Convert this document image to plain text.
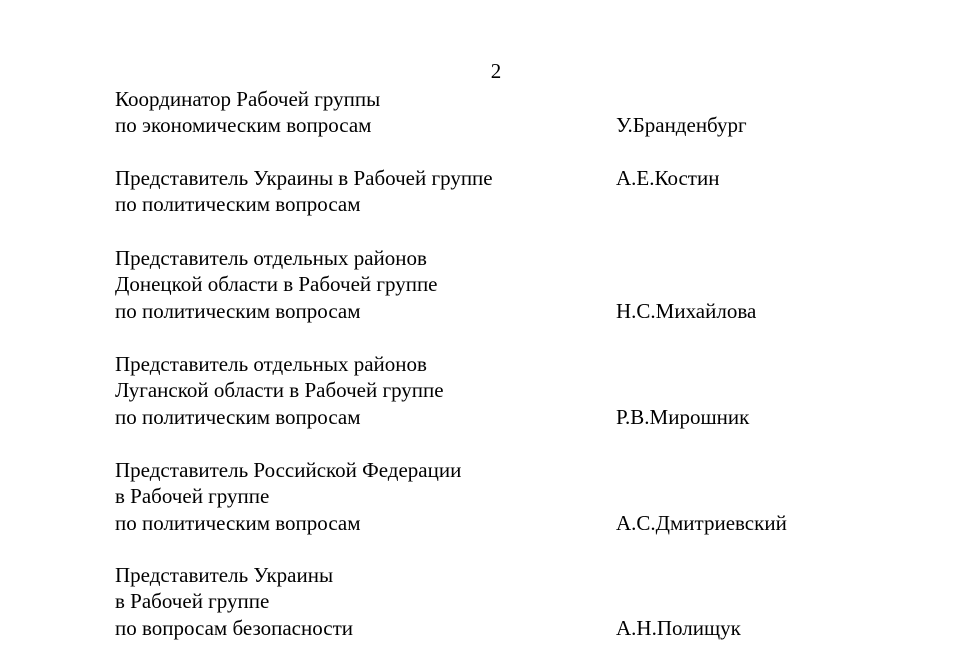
2
Координатор Рабочей группы
по экономическим вопросам	У.Бранденбург
Представитель Украины в Рабочей группе	А.Е.Костин
по политическим вопросам
Представитель отдельных районов
Донецкой области в Рабочей группе
по политическим вопросам	Н.С.Михайлова
Представитель отдельных районов
Луганской области в Рабочей группе
по политическим вопросам	Р.В.Мирошник
Представитель Российской Федерации
в Рабочей группе
по политическим вопросам	А.С.Дмитриевский
Представитель Украины
в Рабочей группе
по вопросам безопасности	А.Н.Полищук
